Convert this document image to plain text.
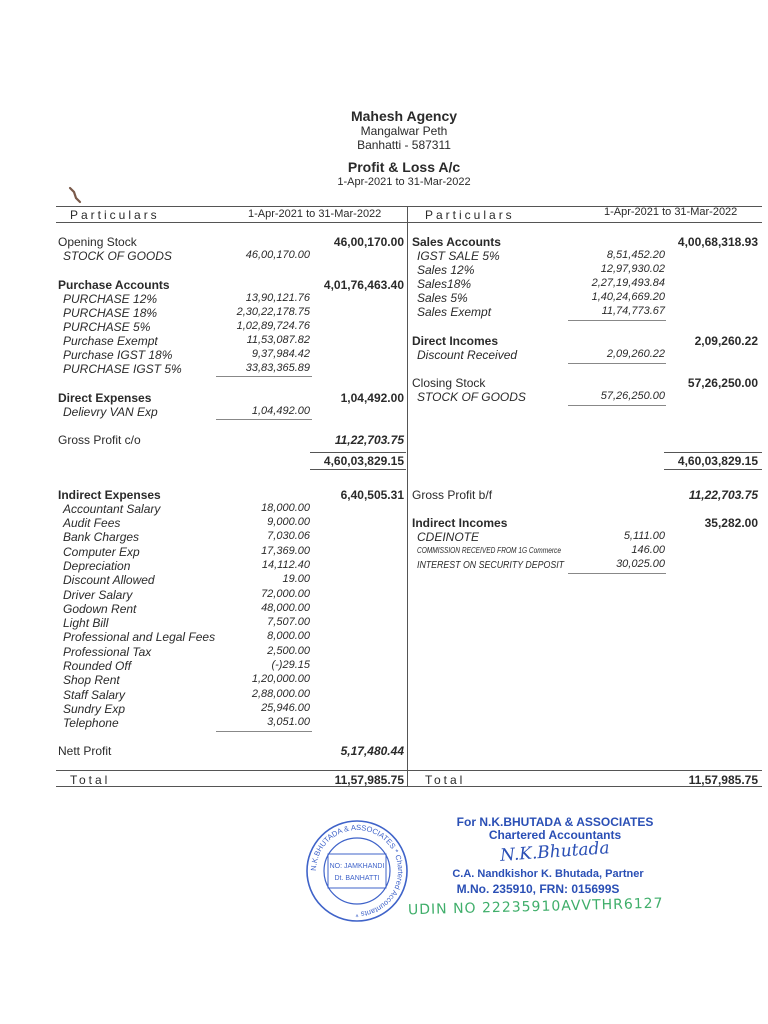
Mahesh Agency
Mangalwar Peth
Banhatti - 587311
Profit & Loss A/c
1-Apr-2021 to 31-Mar-2022
Particulars	1-Apr-2021 to 31-Mar-2022	Particulars	1-Apr-2021 to 31-Mar-2022
Opening Stock	46,00,170.00
STOCK OF GOODS	46,00,170.00
Purchase Accounts	4,01,76,463.40
PURCHASE 12%	13,90,121.76
PURCHASE 18%	2,30,22,178.75
PURCHASE 5%	1,02,89,724.76
Purchase Exempt	11,53,087.82
Purchase IGST 18%	9,37,984.42
PURCHASE IGST 5%	33,83,365.89
Direct Expenses	1,04,492.00
Delievry VAN Exp	1,04,492.00
Gross Profit c/o	11,22,703.75
4,60,03,829.15
Indirect Expenses	6,40,505.31
Accountant Salary	18,000.00
Audit Fees	9,000.00
Bank Charges	7,030.06
Computer Exp	17,369.00
Depreciation	14,112.40
Discount Allowed	19.00
Driver Salary	72,000.00
Godown Rent	48,000.00
Light Bill	7,507.00
Professional and Legal Fees	8,000.00
Professional Tax	2,500.00
Rounded Off	(-)29.15
Shop Rent	1,20,000.00
Staff Salary	2,88,000.00
Sundry Exp	25,946.00
Telephone	3,051.00
Nett Profit	5,17,480.44
Total	11,57,985.75
Sales Accounts	4,00,68,318.93
IGST SALE 5%	8,51,452.20
Sales 12%	12,97,930.02
Sales18%	2,27,19,493.84
Sales 5%	1,40,24,669.20
Sales Exempt	11,74,773.67
Direct Incomes	2,09,260.22
Discount Received	2,09,260.22
Closing Stock	57,26,250.00
STOCK OF GOODS	57,26,250.00
4,60,03,829.15
Gross Profit b/f	11,22,703.75
Indirect Incomes	35,282.00
CDEINOTE	5,111.00
COMMISSION RECEIVED FROM 1G Commerce	146.00
INTEREST ON SECURITY DEPOSIT	30,025.00
Total	11,57,985.75
N.K.BHUTADA & ASSOCIATES * Chartered Accountants *
NO: JAMKHANDI
Dt. BANHATTI
For N.K.BHUTADA & ASSOCIATES
Chartered Accountants
N.K.Bhutada
C.A. Nandkishor K. Bhutada, Partner
M.No. 235910, FRN: 015699S
UDIN NO 22235910AVVTHR6127
